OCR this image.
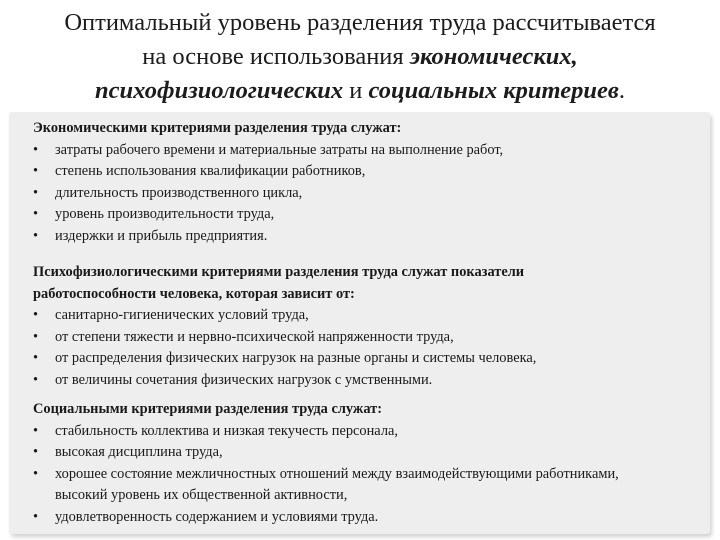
Оптимальный уровень разделения труда рассчитывается
на основе использования экономических,
психофизиологических и социальных критериев.

Экономическими критериями разделения труда служат:

• затраты рабочего времени и материальные затраты на выполнение работ,
• степень использования квалификации работников,
• длительность производственного цикла,
• уровень производительности труда,
• издержки и прибыль предприятия.

Психофизиологическими критериями разделения труда служат показатели
работоспособности человека, которая зависит от:

• санитарно-гигиенических условий труда,
• от степени тяжести и нервно-психической напряженности труда,
• от распределения физических нагрузок на разные органы и системы человека,
• от величины сочетания физических нагрузок с умственными.

Социальными критериями разделения труда служат:

• стабильность коллектива и низкая текучесть персонала,
• высокая дисциплина труда,
• хорошее состояние межличностных отношений между взаимодействующими работниками, высокий уровень их общественной активности,
• удовлетворенность содержанием и условиями труда.
